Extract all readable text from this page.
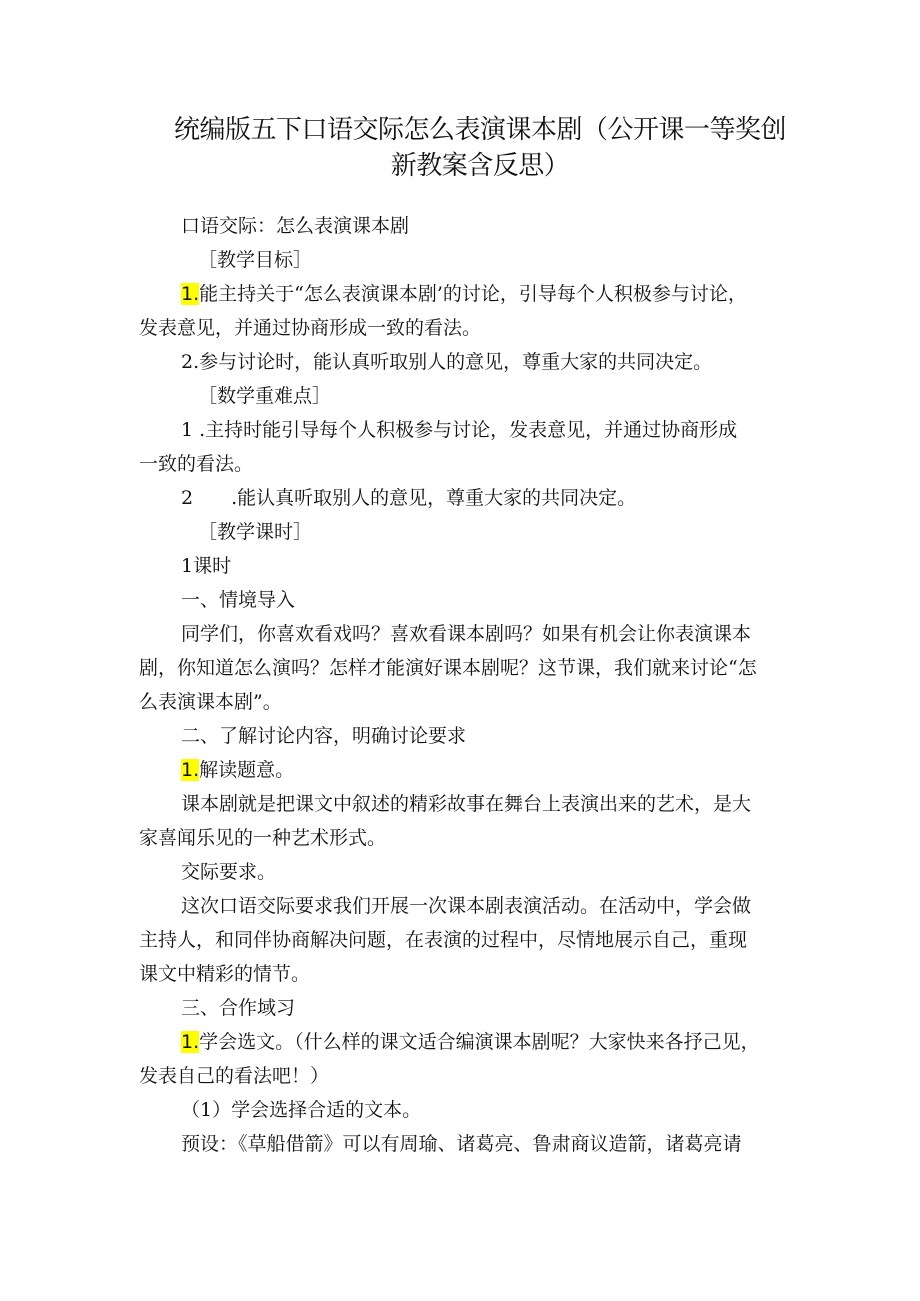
统编版五下口语交际怎么表演课本剧（公开课一等奖创
新教案含反思）
口语交际：怎么表演课本剧
［教学目标］
1.能主持关于“怎么表演课本剧’的讨论，引导每个人积极参与讨论，
发表意见，并通过协商形成一致的看法。
2.参与讨论时，能认真听取别人的意见，尊重大家的共同决定。
［数学重难点］
1 .主持时能引导每个人积极参与讨论，发表意见，并通过协商形成
一致的看法。
2 .能认真听取别人的意见，尊重大家的共同决定。
［教学课时］
1课时
一、情境导入
同学们，你喜欢看戏吗？喜欢看课本剧吗？如果有机会让你表演课本
剧，你知道怎么演吗？怎样才能演好课本剧呢？这节课，我们就来讨论“怎
么表演课本剧”。
二、了解讨论内容，明确讨论要求
1.解读题意。
课本剧就是把课文中叙述的精彩故事在舞台上表演出来的艺术，是大
家喜闻乐见的一种艺术形式。
交际要求。
这次口语交际要求我们开展一次课本剧表演活动。在活动中，学会做
主持人，和同伴协商解决问题，在表演的过程中，尽情地展示自己，重现
课文中精彩的情节。
三、合作域习
1.学会选文。（什么样的课文适合编演课本剧呢？大家快来各抒己见，
发表自己的看法吧！）
（1）学会选择合适的文本。
预设：《草船借箭》可以有周瑜、诸葛亮、鲁肃商议造箭，诸葛亮请
